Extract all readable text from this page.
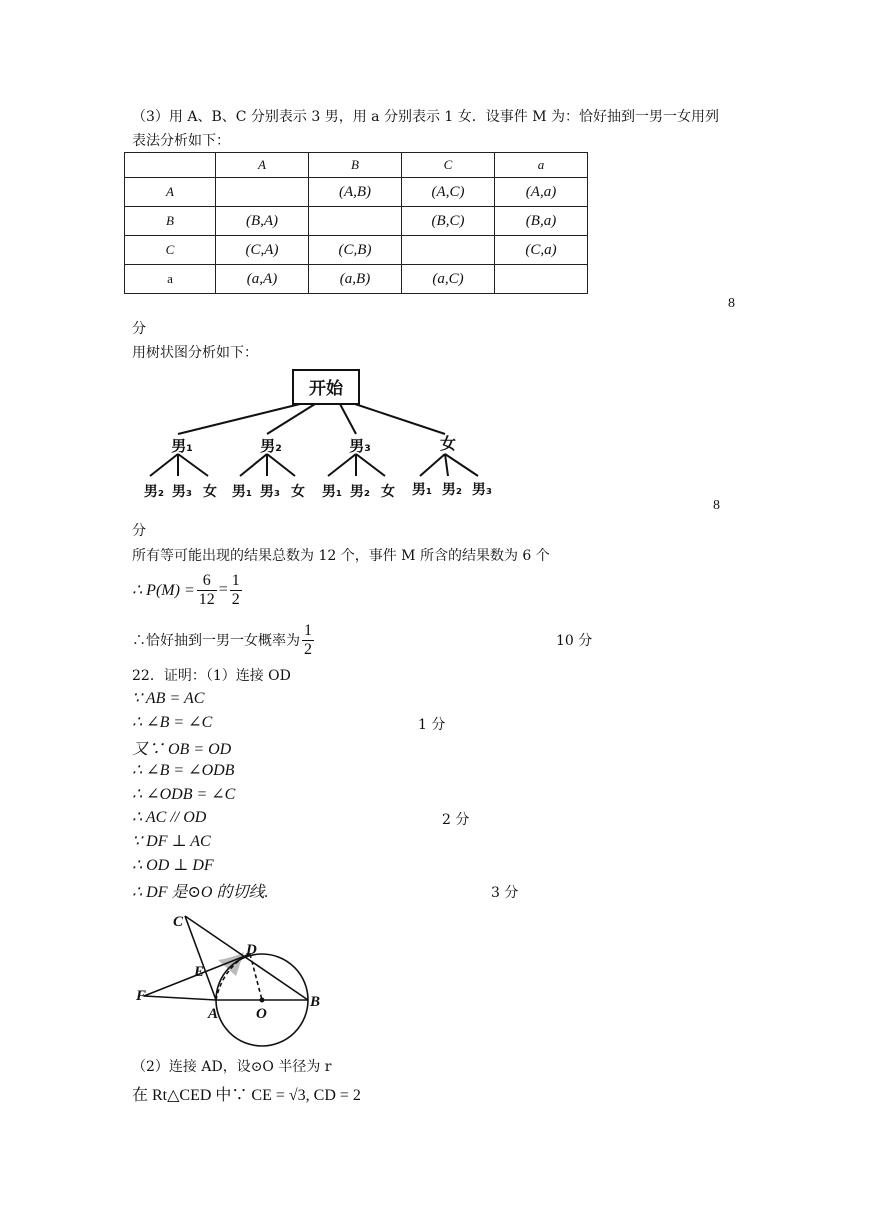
（3）用 A、B、C 分别表示 3 男，用 a 分别表示 1 女．设事件 M 为：恰好抽到一男一女用列
表法分析如下：
	A	B	C	a
A		(A,B)	(A,C)	(A,a)
B	(B,A)		(B,C)	(B,a)
C	(C,A)	(C,B)		(C,a)
a	(a,A)	(a,B)	(a,C)	
8
分
用树状图分析如下：
开始
男₁	男₂	男₃	女
男₂ 男₃ 女 男₁ 男₃ 女 男₁ 男₂ 女 男₁ 男₂ 男₃
8
分
所有等可能出现的结果总数为 12 个，事件 M 所含的结果数为 6 个
∴ $P(M) = \frac{6}{12} = \frac{1}{2}$
∴恰好抽到一男一女概率为 $\frac{1}{2}$	10 分
22．证明：（1）连接 OD
∵ AB = AC
∴ ∠B = ∠C	1 分
又∵ OB = OD
∴ ∠B = ∠ODB
∴ ∠ODB = ∠C
∴ AC // OD	2 分
∵ DF ⊥ AC
∴ OD ⊥ DF
∴ DF 是⊙O 的切线.	3 分
C
D
E
F
A	O
B
（2）连接 AD，设⊙O 半径为 r
在 Rt△CED 中∵ CE = √3, CD = 2
